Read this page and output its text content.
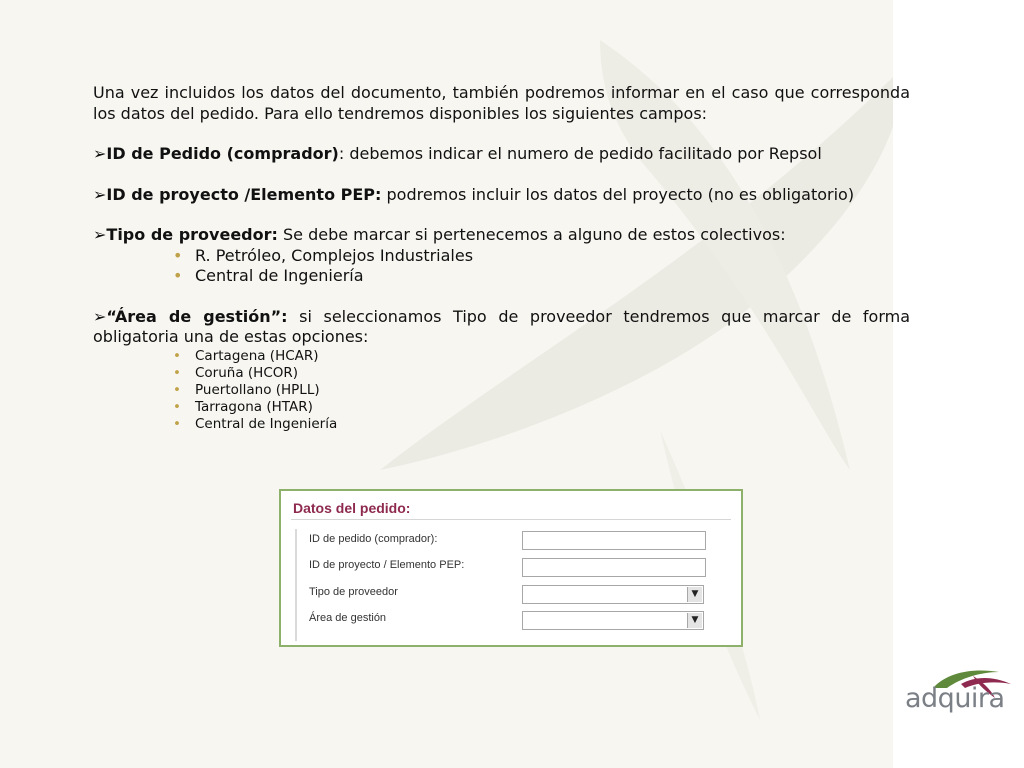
Una vez incluidos los datos del documento, también podremos informar en el caso que corresponda los datos del pedido. Para ello tendremos disponibles los siguientes campos:

➢ID de Pedido (comprador): debemos indicar el numero de pedido facilitado por Repsol

➢ID de proyecto /Elemento PEP: podremos incluir los datos del proyecto (no es obligatorio)

➢Tipo de proveedor: Se debe marcar si pertenecemos a alguno de estos colectivos:

• R. Petróleo, Complejos Industriales
• Central de Ingeniería

➢“Área de gestión”: si seleccionamos Tipo de proveedor tendremos que marcar de forma obligatoria una de estas opciones:

• Cartagena (HCAR)
• Coruña (HCOR)
• Puertollano (HPLL)
• Tarragona (HTAR)
• Central de Ingeniería
Datos del pedido:
ID de pedido (comprador):
ID de proyecto / Elemento PEP:
Tipo de proveedor	▼
Área de gestión	▼
adquira
